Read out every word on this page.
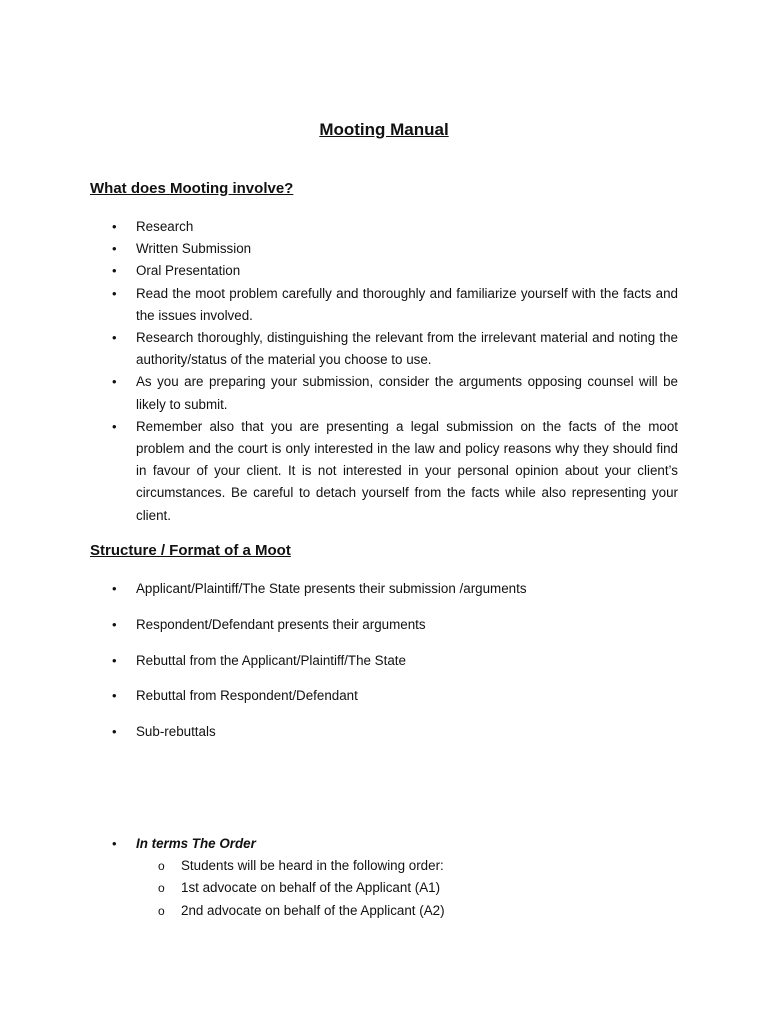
Mooting Manual
What does Mooting involve?
• Research
• Written Submission
• Oral Presentation
• Read the moot problem carefully and thoroughly and familiarize yourself with the facts and the issues involved.
• Research thoroughly, distinguishing the relevant from the irrelevant material and noting the authority/status of the material you choose to use.
• As you are preparing your submission, consider the arguments opposing counsel will be likely to submit.
• Remember also that you are presenting a legal submission on the facts of the moot problem and the court is only interested in the law and policy reasons why they should find in favour of your client. It is not interested in your personal opinion about your client’s circumstances. Be careful to detach yourself from the facts while also representing your client.
Structure / Format of a Moot
• Applicant/Plaintiff/The State presents their submission /arguments
• Respondent/Defendant presents their arguments
• Rebuttal from the Applicant/Plaintiff/The State
• Rebuttal from Respondent/Defendant
• Sub-rebuttals
• In terms The Order
o Students will be heard in the following order:
o 1st advocate on behalf of the Applicant (A1)
o 2nd advocate on behalf of the Applicant (A2)
